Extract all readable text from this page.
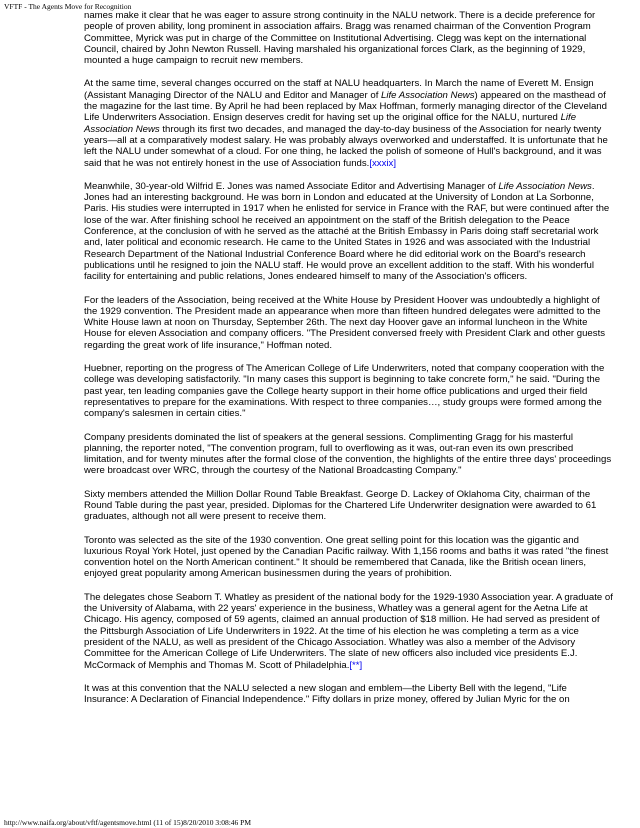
VFTF - The Agents Move for Recognition

names make it clear that he was eager to assure strong continuity in the NALU network. There is a decide preference for people of proven ability, long prominent in association affairs. Bragg was renamed chairman of the Convention Program Committee, Myrick was put in charge of the Committee on Institutional Advertising. Clegg was kept on the international Council, chaired by John Newton Russell. Having marshaled his organizational forces Clark, as the beginning of 1929, mounted a huge campaign to recruit new members.

At the same time, several changes occurred on the staff at NALU headquarters. In March the name of Everett M. Ensign (Assistant Managing Director of the NALU and Editor and Manager of Life Association News) appeared on the masthead of the magazine for the last time. By April he had been replaced by Max Hoffman, formerly managing director of the Cleveland Life Underwriters Association. Ensign deserves credit for having set up the original office for the NALU, nurtured Life Association News through its first two decades, and managed the day-to-day business of the Association for nearly twenty years—all at a comparatively modest salary. He was probably always overworked and understaffed. It is unfortunate that he left the NALU under somewhat of a cloud. For one thing, he lacked the polish of someone of Hull's background, and it was said that he was not entirely honest in the use of Association funds.[xxxix]

Meanwhile, 30-year-old Wilfrid E. Jones was named Associate Editor and Advertising Manager of Life Association News. Jones had an interesting background. He was born in London and educated at the University of London at La Sorbonne, Paris. His studies were interrupted in 1917 when he enlisted for service in France with the RAF, but were continued after the lose of the war. After finishing school he received an appointment on the staff of the British delegation to the Peace Conference, at the conclusion of with he served as the attaché at the British Embassy in Paris doing staff secretarial work and, later political and economic research. He came to the United States in 1926 and was associated with the Industrial Research Department of the National Industrial Conference Board where he did editorial work on the Board's research publications until he resigned to join the NALU staff. He would prove an excellent addition to the staff. With his wonderful facility for entertaining and public relations, Jones endeared himself to many of the Association's officers.

For the leaders of the Association, being received at the White House by President Hoover was undoubtedly a highlight of the 1929 convention. The President made an appearance when more than fifteen hundred delegates were admitted to the White House lawn at noon on Thursday, September 26th. The next day Hoover gave an informal luncheon in the White House for eleven Association and company officers. "The President conversed freely with President Clark and other guests regarding the great work of life insurance," Hoffman noted.

Huebner, reporting on the progress of The American College of Life Underwriters, noted that company cooperation with the college was developing satisfactorily. "In many cases this support is beginning to take concrete form," he said. "During the past year, ten leading companies gave the College hearty support in their home office publications and urged their field representatives to prepare for the examinations. With respect to three companies…, study groups were formed among the company's salesmen in certain cities."

Company presidents dominated the list of speakers at the general sessions. Complimenting Gragg for his masterful planning, the reporter noted, "The convention program, full to overflowing as it was, out-ran even its own prescribed limitation, and for twenty minutes after the formal close of the convention, the highlights of the entire three days' proceedings were broadcast over WRC, through the courtesy of the National Broadcasting Company."

Sixty members attended the Million Dollar Round Table Breakfast. George D. Lackey of Oklahoma City, chairman of the Round Table during the past year, presided. Diplomas for the Chartered Life Underwriter designation were awarded to 61 graduates, although not all were present to receive them.

Toronto was selected as the site of the 1930 convention. One great selling point for this location was the gigantic and luxurious Royal York Hotel, just opened by the Canadian Pacific railway. With 1,156 rooms and baths it was rated "the finest convention hotel on the North American continent." It should be remembered that Canada, like the British ocean liners, enjoyed great popularity among American businessmen during the years of prohibition.

The delegates chose Seaborn T. Whatley as president of the national body for the 1929-1930 Association year. A graduate of the University of Alabama, with 22 years' experience in the business, Whatley was a general agent for the Aetna Life at Chicago. His agency, composed of 59 agents, claimed an annual production of $18 million. He had served as president of the Pittsburgh Association of Life Underwriters in 1922. At the time of his election he was completing a term as a vice president of the NALU, as well as president of the Chicago Association. Whatley was also a member of the Advisory Committee for the American College of Life Underwriters. The slate of new officers also included vice presidents E.J. McCormack of Memphis and Thomas M. Scott of Philadelphia.[**]

It was at this convention that the NALU selected a new slogan and emblem—the Liberty Bell with the legend, "Life Insurance: A Declaration of Financial Independence." Fifty dollars in prize money, offered by Julian Myric for the on

http://www.naifa.org/about/vftf/agentsmove.html (11 of 15)8/20/2010 3:08:46 PM
